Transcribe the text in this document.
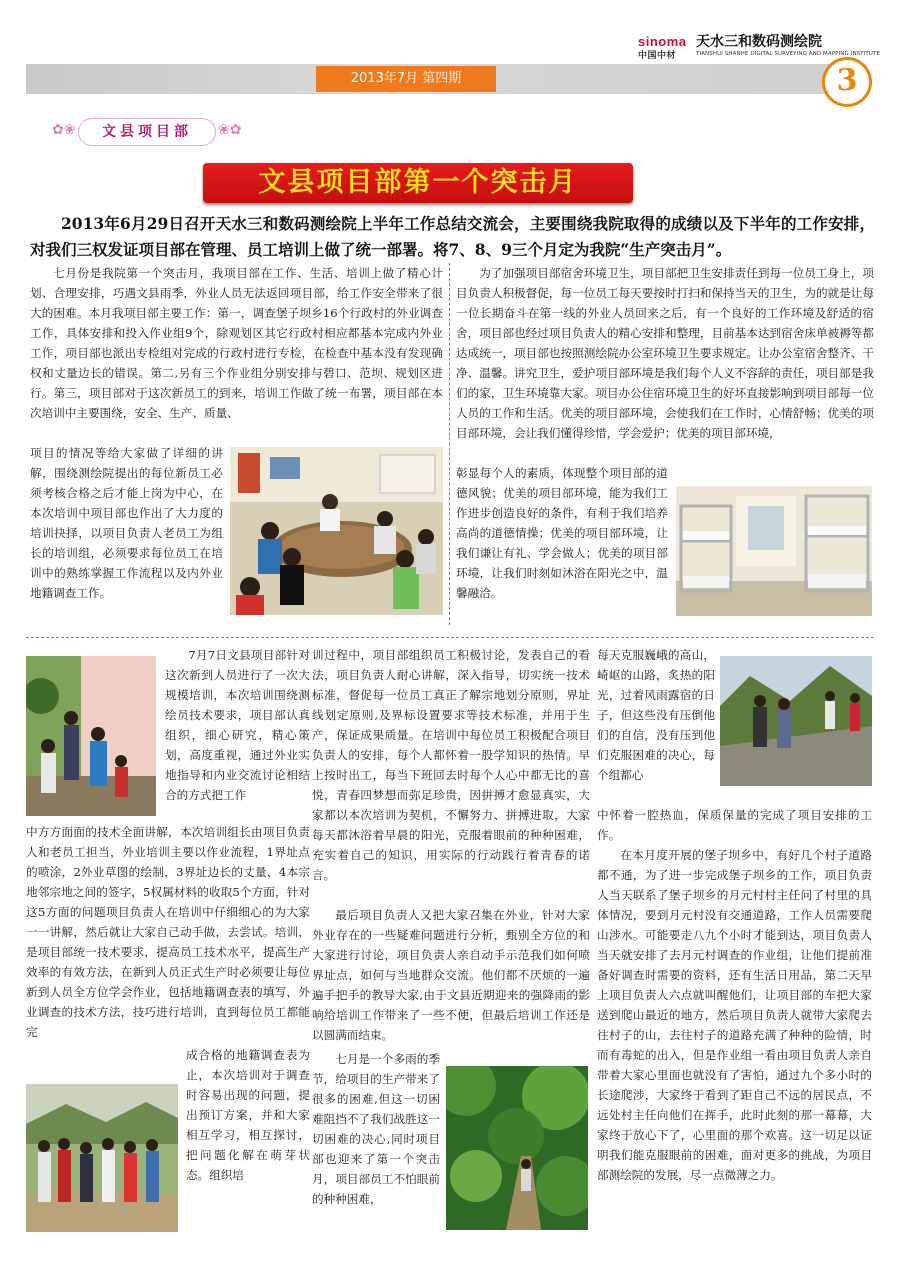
sinoma
中国中材
天水三和数码测绘院
TIANSHUI SHANHE DIGITAL SURVEYING AND MAPPING INSTITUTE
2013年7月 第四期	3
✿❀	文县项目部	❀✿
文县项目部第一个突击月
2013年6月29日召开天水三和数码测绘院上半年工作总结交流会，主要围绕我院取得的成绩以及下半年的工作安排，对我们三权发证项目部在管理、员工培训上做了统一部署。将7、8、9三个月定为我院“生产突击月”。

七月份是我院第一个突击月，我项目部在工作、生活、培训上做了精心计划、合理安排，巧遇文县雨季，外业人员无法返回项目部，给工作安全带来了很大的困难。本月我项目部主要工作：第一，调查堡子坝乡16个行政村的外业调查工作，具体安排和投入作业组9个，除观划区其它行政村相应都基本完成内外业工作，项目部也派出专检组对完成的行政村进行专检，在检查中基本没有发现确权和丈量边长的错误。第二,另有三个作业组分别安排与碧口、范坝、规划区进行。第三，项目部对于这次新员工的到来，培训工作做了统一布署，项目部在本次培训中主要围绕，安全、生产、质量、

项目的情况等给大家做了详细的讲解，围绕测绘院提出的每位新员工必须考核合格之后才能上岗为中心，在本次培训中项目部也作出了大力度的培训抉择，以项目负责人老员工为组长的培训组，必须要求每位员工在培训中的熟练掌握工作流程以及内外业地籍调查工作。

为了加强项目部宿舍环境卫生，项目部把卫生安排责任到每一位员工身上，项目负责人积极督促，每一位员工每天要按时打扫和保持当天的卫生，为的就是让每一位长期奋斗在第一线的外业人员回来之后，有一个良好的工作环境及舒适的宿舍，项目部也经过项目负责人的精心安排和整理，目前基本达到宿舍床单被褥等都达成统一，项目部也按照测绘院办公室环境卫生要求规定。让办公室宿舍整齐、干净、温馨。讲究卫生，爱护项目部环境是我们每个人义不容辞的责任，项目部是我们的家，卫生环境靠大家。项目办公住宿环境卫生的好坏直接影响到项目部每一位人员的工作和生活。优美的项目部环境，会使我们在工作时，心情舒畅；优美的项目部环境，会让我们懂得珍惜，学会爱护；优美的项目部环境，

彰显每个人的素质，体现整个项目部的道德风貌；优美的项目部环境，能为我们工作进步创造良好的条件，有利于我们培养高尚的道德情操；优美的项目部环境，让我们谦让有礼、学会做人；优美的项目部环境，让我们时刻如沐浴在阳光之中，温馨融洽。

7月7日文县项目部针对这次新到人员进行了一次大规模培训，本次培训围绕测绘员技术要求，项目部认真组织，细心研究，精心策划，高度重视，通过外业实地指导和内业交流讨论相结合的方式把工作

中方方面面的技术全面讲解，本次培训组长由项目负责人和老员工担当，外业培训主要以作业流程，1界址点的喷涂，2外业草图的绘制，3界址边长的丈量，4本宗地邻宗地之间的签字，5权属材料的收取5个方面，针对这5方面的问题项目负责人在培训中仔细细心的为大家一一讲解，然后就让大家自己动手做，去尝试。培训，是项目部统一技术要求，提高员工技术水平，提高生产效率的有效方法，在新到人员正式生产时必须要让每位新到人员全方位学会作业，包括地籍调查表的填写，外业调查的技术方法，技巧进行培训，直到每位员工都能完

成合格的地籍调查表为止，本次培训对于调查时容易出现的问题，提出预订方案，并和大家相互学习，相互探讨，把问题化解在萌芽状态。组织培

训过程中，项目部组织员工积极讨论，发表自己的看法，项目负责人耐心讲解，深入指导，切实统一技术标准，督促每一位员工真正了解宗地划分原则，界址线划定原则,及界标设置要求等技术标准，并用于生产，保证成果质量。在培训中每位员工积极配合项目负责人的安排，每个人都怀着一股学知识的热情。早上按时出工，每当下班回去时每个人心中都无比的喜悦，青春四梦想而弥足珍贵，因拼搏才愈显真实，大家都以本次培训为契机，不懈努力、拼搏进取，大家每天都沐浴着早晨的阳光，克服着眼前的种种困难，充实着自己的知识，用实际的行动践行着青春的诺言。

最后项目负责人又把大家召集在外业，针对大家外业存在的一些疑难问题进行分析，甄别全方位的和大家进行讨论，项目负责人亲自动手示范我们如何喷界址点，如何与当地群众交流。他们都不厌烦的一遍遍手把手的教导大家,由于文县近期迎来的强降雨的影响给培训工作带来了一些不便，但最后培训工作还是以圆满而结束。

七月是一个多雨的季节，给项目的生产带来了很多的困难,但这一切困难阻挡不了我们战胜这一切困难的决心,同时项目部也迎来了第一个突击月，项目部员工不怕眼前的种种困难，

每天克服巍峨的高山，崎岖的山路，炙热的阳光，过着风雨露宿的日子，但这些没有压倒他们的自信，没有压到他们克服困难的决心，每个组都心

中怀着一腔热血，保质保量的完成了项目安排的工作。

在本月度开展的堡子坝乡中，有好几个村子道路都不通，为了进一步完成堡子坝乡的工作，项目负责人当天联系了堡子坝乡的月元村村主任问了村里的具体情况，要到月元村没有交通道路，工作人员需要爬山涉水。可能要走八九个小时才能到达，项目负责人当天就安排了去月元村调查的作业组，让他们提前准备好调查时需要的资料，还有生活日用品，第二天早上项目负责人六点就叫醒他们，让项目部的车把大家送到爬山最近的地方，然后项目负责人就带大家爬去往村子的山，去往村子的道路充满了种种的险情，时而有毒蛇的出入，但是作业组一看由项目负责人亲自带着大家心里面也就没有了害怕，通过九个多小时的长途爬涉，大家终于看到了距自己不远的居民点，不远处村主任向他们在挥手，此时此刻的那一幕幕，大家终于放心下了，心里面的那个欢喜。这一切足以证明我们能克服眼前的困难，面对更多的挑战，为项目部测绘院的发展，尽一点微薄之力。
